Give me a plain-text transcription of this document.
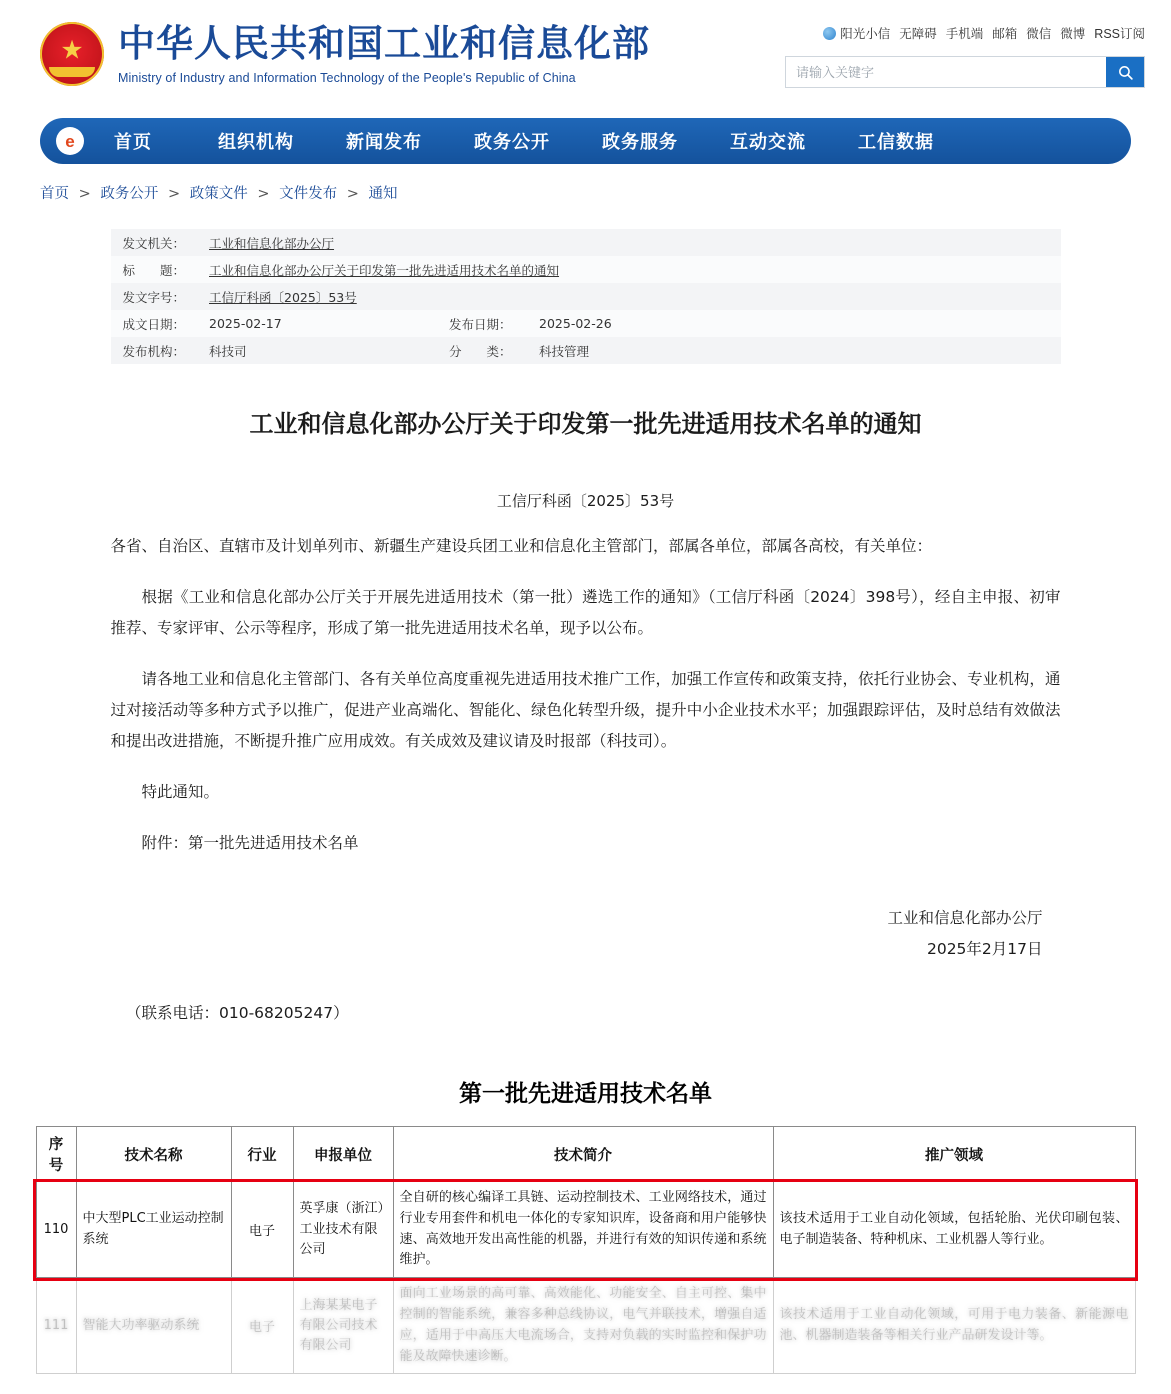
★
中华人民共和国工业和信息化部
Ministry of Industry and Information Technology of the People's Republic of China
阳光小信 无障碍 手机端 邮箱 微信 微博 RSS订阅
请输入关键字
e	首页	组织机构	新闻发布	政务公开	政务服务	互动交流	工信数据
首页 > 政务公开 > 政策文件 > 文件发布 > 通知
发文机关：	工业和信息化部办公厅		
标　　题：	工业和信息化部办公厅关于印发第一批先进适用技术名单的通知		
发文字号：	工信厅科函〔2025〕53号		
成文日期：	2025-02-17	发布日期：	2025-02-26
发布机构：	科技司	分　　类：	科技管理
工业和信息化部办公厅关于印发第一批先进适用技术名单的通知
工信厅科函〔2025〕53号

各省、自治区、直辖市及计划单列市、新疆生产建设兵团工业和信息化主管部门，部属各单位，部属各高校，有关单位：

根据《工业和信息化部办公厅关于开展先进适用技术（第一批）遴选工作的通知》（工信厅科函〔2024〕398号），经自主申报、初审推荐、专家评审、公示等程序，形成了第一批先进适用技术名单，现予以公布。

请各地工业和信息化主管部门、各有关单位高度重视先进适用技术推广工作，加强工作宣传和政策支持，依托行业协会、专业机构，通过对接活动等多种方式予以推广，促进产业高端化、智能化、绿色化转型升级，提升中小企业技术水平；加强跟踪评估，及时总结有效做法和提出改进措施，不断提升推广应用成效。有关成效及建议请及时报部（科技司）。

特此通知。

附件：第一批先进适用技术名单

工业和信息化部办公厅
2025年2月17日
（联系电话：010-68205247）
第一批先进适用技术名单
序号	技术名称	行业	申报单位	技术简介	推广领域
110	中大型PLC工业运动控制系统	电子	英孚康（浙江）工业技术有限公司	全自研的核心编译工具链、运动控制技术、工业网络技术，通过行业专用套件和机电一体化的专家知识库，设备商和用户能够快速、高效地开发出高性能的机器，并进行有效的知识传递和系统维护。	该技术适用于工业自动化领域，包括轮胎、光伏印刷包装、电子制造装备、特种机床、工业机器人等行业。
111	智能大功率驱动系统	电子	上海某某电子有限公司技术有限公司	面向工业场景的高可靠、高效能化、功能安全、自主可控、集中控制的智能系统，兼容多种总线协议，电气并联技术，增强自适应，适用于中高压大电流场合，支持对负载的实时监控和保护功能及故障快速诊断。	该技术适用于工业自动化领域，可用于电力装备、新能源电池、机器制造装备等相关行业产品研发设计等。
